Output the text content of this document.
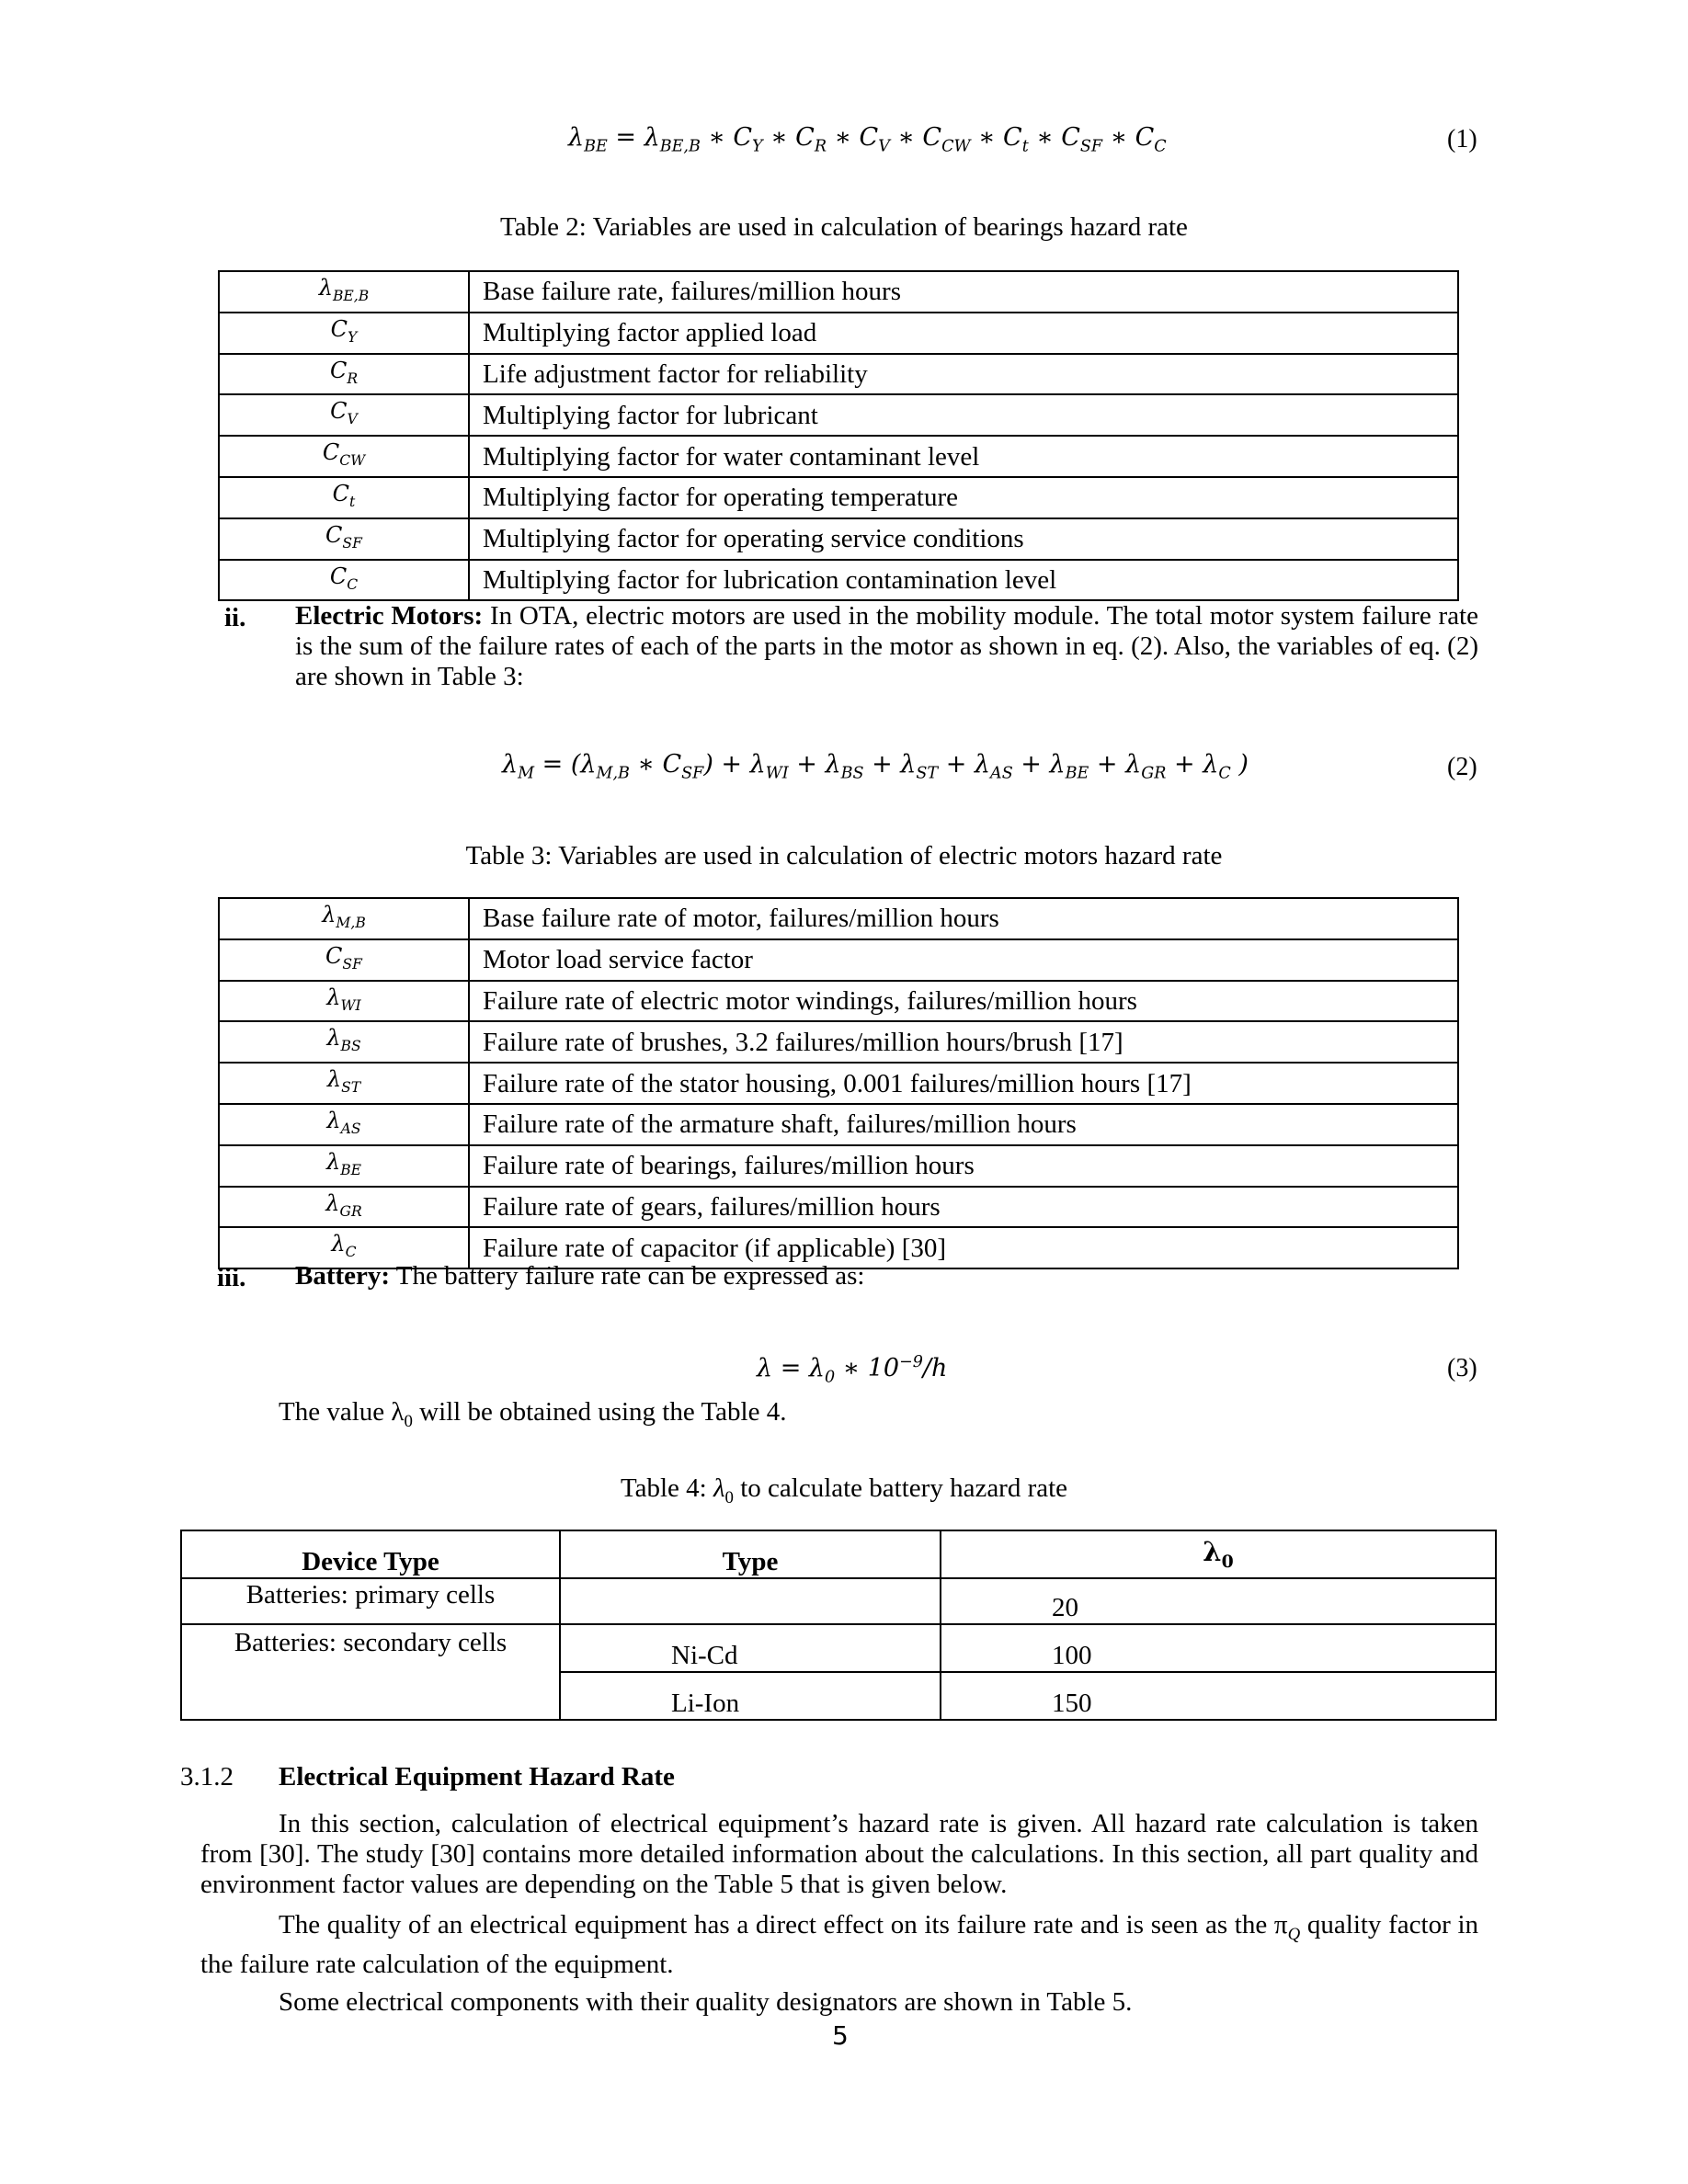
$\lambda_{BE} = \lambda_{BE,B}$ ∗ $C_Y$ ∗ $C_R$ ∗ $C_V$ ∗ $C_{CW}$ ∗ $C_t$ ∗ $C_{SF}$ ∗ $C_C$	(1)
Table 2: Variables are used in calculation of bearings hazard rate
$\lambda_{BE,B}$	Base failure rate, failures/million hours
$C_Y$	Multiplying factor applied load
$C_R$	Life adjustment factor for reliability
$C_V$	Multiplying factor for lubricant
$C_{CW}$	Multiplying factor for water contaminant level
$C_t$	Multiplying factor for operating temperature
$C_{SF}$	Multiplying factor for operating service conditions
$C_C$	Multiplying factor for lubrication contamination level
ii. Electric Motors: In OTA, electric motors are used in the mobility module. The total motor system failure rate is the sum of the failure rates of each of the parts in the motor as shown in eq. (2). Also, the variables of eq. (2) are shown in Table 3:
$\lambda_M = (\lambda_{M,B}$ ∗ $C_{SF}) + \lambda_{WI} + \lambda_{BS} + \lambda_{ST} + \lambda_{AS} + \lambda_{BE} + \lambda_{GR} + \lambda_C$ )	(2)
Table 3: Variables are used in calculation of electric motors hazard rate
$\lambda_{M,B}$	Base failure rate of motor, failures/million hours
$C_{SF}$	Motor load service factor
$\lambda_{WI}$	Failure rate of electric motor windings, failures/million hours
$\lambda_{BS}$	Failure rate of brushes, 3.2 failures/million hours/brush [17]
$\lambda_{ST}$	Failure rate of the stator housing, 0.001 failures/million hours [17]
$\lambda_{AS}$	Failure rate of the armature shaft, failures/million hours
$\lambda_{BE}$	Failure rate of bearings, failures/million hours
$\lambda_{GR}$	Failure rate of gears, failures/million hours
$\lambda_C$	Failure rate of capacitor (if applicable) [30]
iii. Battery: The battery failure rate can be expressed as:
$\lambda = \lambda_0$ ∗ $10^{-9}/h$	(3)
The value $\lambda_0$ will be obtained using the Table 4.
Table 4: $\lambda_0$ to calculate battery hazard rate
Device Type	Type	$\lambda_0$
Batteries: primary cells		20
Batteries: secondary cells	Ni-Cd	100
	Li-Ion	150
3.1.2 Electrical Equipment Hazard Rate
In this section, calculation of electrical equipment’s hazard rate is given. All hazard rate calculation is taken from [30]. The study [30] contains more detailed information about the calculations. In this section, all part quality and environment factor values are depending on the Table 5 that is given below.
The quality of an electrical equipment has a direct effect on its failure rate and is seen as the $\pi_Q$ quality factor in the failure rate calculation of the equipment.
Some electrical components with their quality designators are shown in Table 5.
5
